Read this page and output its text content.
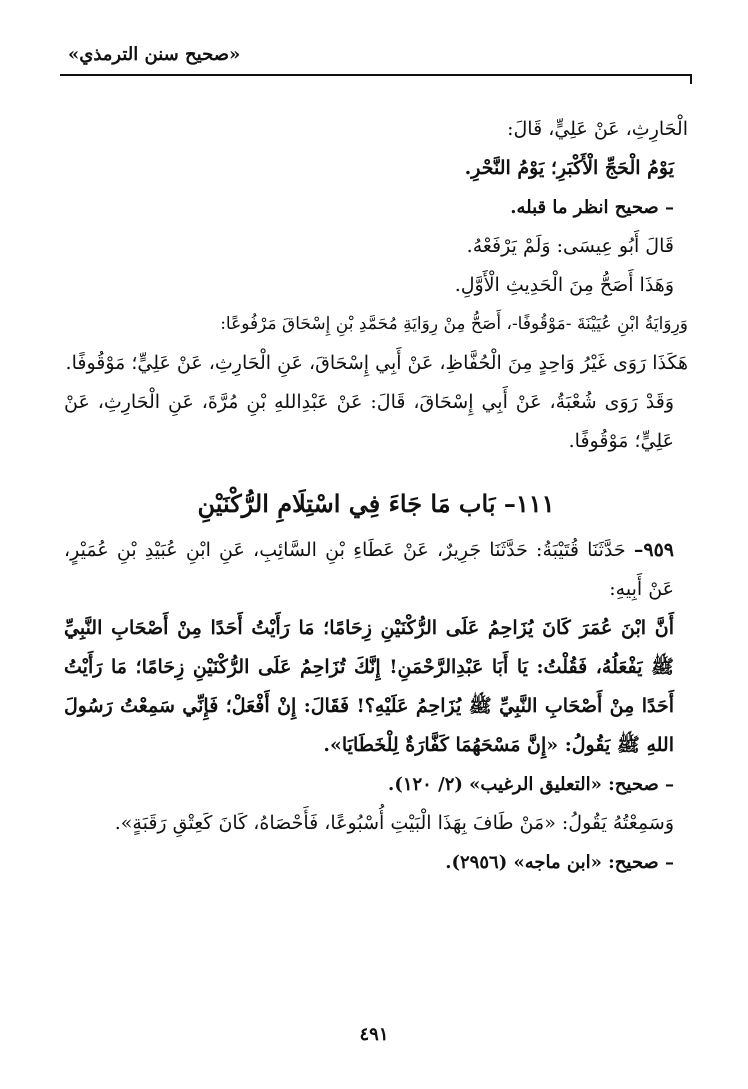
«صحيح سنن الترمذي»

الْحَارِثِ، عَنْ عَلِيٍّ، قَالَ:

يَوْمُ الْحَجِّ الْأَكْبَرِ؛ يَوْمُ النَّحْرِ.

– صحيح انظر ما قبله.

قَالَ أَبُو عِيسَى: وَلَمْ يَرْفَعْهُ.

وَهَذَا أَصَحُّ مِنَ الْحَدِيثِ الْأَوَّلِ.

وَرِوَايَةُ ابْنِ عُيَيْنَةَ -مَوْقُوفًا-، أَصَحُّ مِنْ رِوَايَةِ مُحَمَّدِ بْنِ إِسْحَاقَ مَرْفُوعًا:

هَكَذَا رَوَى غَيْرُ وَاحِدٍ مِنَ الْحُفَّاظِ، عَنْ أَبِي إِسْحَاقَ، عَنِ الْحَارِثِ، عَنْ عَلِيٍّ؛ مَوْقُوفًا.

وَقَدْ رَوَى شُعْبَةُ، عَنْ أَبِي إِسْحَاقَ، قَالَ: عَنْ عَبْدِاللهِ بْنِ مُرَّةَ، عَنِ الْحَارِثِ، عَنْ عَلِيٍّ؛ مَوْقُوفًا.

١١١– بَاب مَا جَاءَ فِي اسْتِلَامِ الرُّكْنَيْنِ

٩٥٩– حَدَّثَنَا قُتَيْبَةُ: حَدَّثَنَا جَرِيرٌ، عَنْ عَطَاءِ بْنِ السَّائِبِ، عَنِ ابْنِ عُبَيْدِ بْنِ عُمَيْرٍ، عَنْ أَبِيهِ:

أَنَّ ابْنَ عُمَرَ كَانَ يُزَاحِمُ عَلَى الرُّكْنَيْنِ زِحَامًا؛ مَا رَأَيْتُ أَحَدًا مِنْ أَصْحَابِ النَّبِيِّ ﷺ يَفْعَلُهُ، فَقُلْتُ: يَا أَبَا عَبْدِالرَّحْمَنِ! إِنَّكَ تُزَاحِمُ عَلَى الرُّكْنَيْنِ زِحَامًا؛ مَا رَأَيْتُ أَحَدًا مِنْ أَصْحَابِ النَّبِيِّ ﷺ يُزَاحِمُ عَلَيْهِ؟! فَقَالَ: إِنْ أَفْعَلْ؛ فَإِنِّي سَمِعْتُ رَسُولَ اللهِ ﷺ يَقُولُ: «إِنَّ مَسْحَهُمَا كَفَّارَةٌ لِلْخَطَايَا».

– صحيح: «التعليق الرغيب» (٢/ ١٢٠).

وَسَمِعْتُهُ يَقُولُ: «مَنْ طَافَ بِهَذَا الْبَيْتِ أُسْبُوعًا، فَأَحْصَاهُ، كَانَ كَعِتْقِ رَقَبَةٍ».

– صحيح: «ابن ماجه» (٢٩٥٦).

٤٩١
